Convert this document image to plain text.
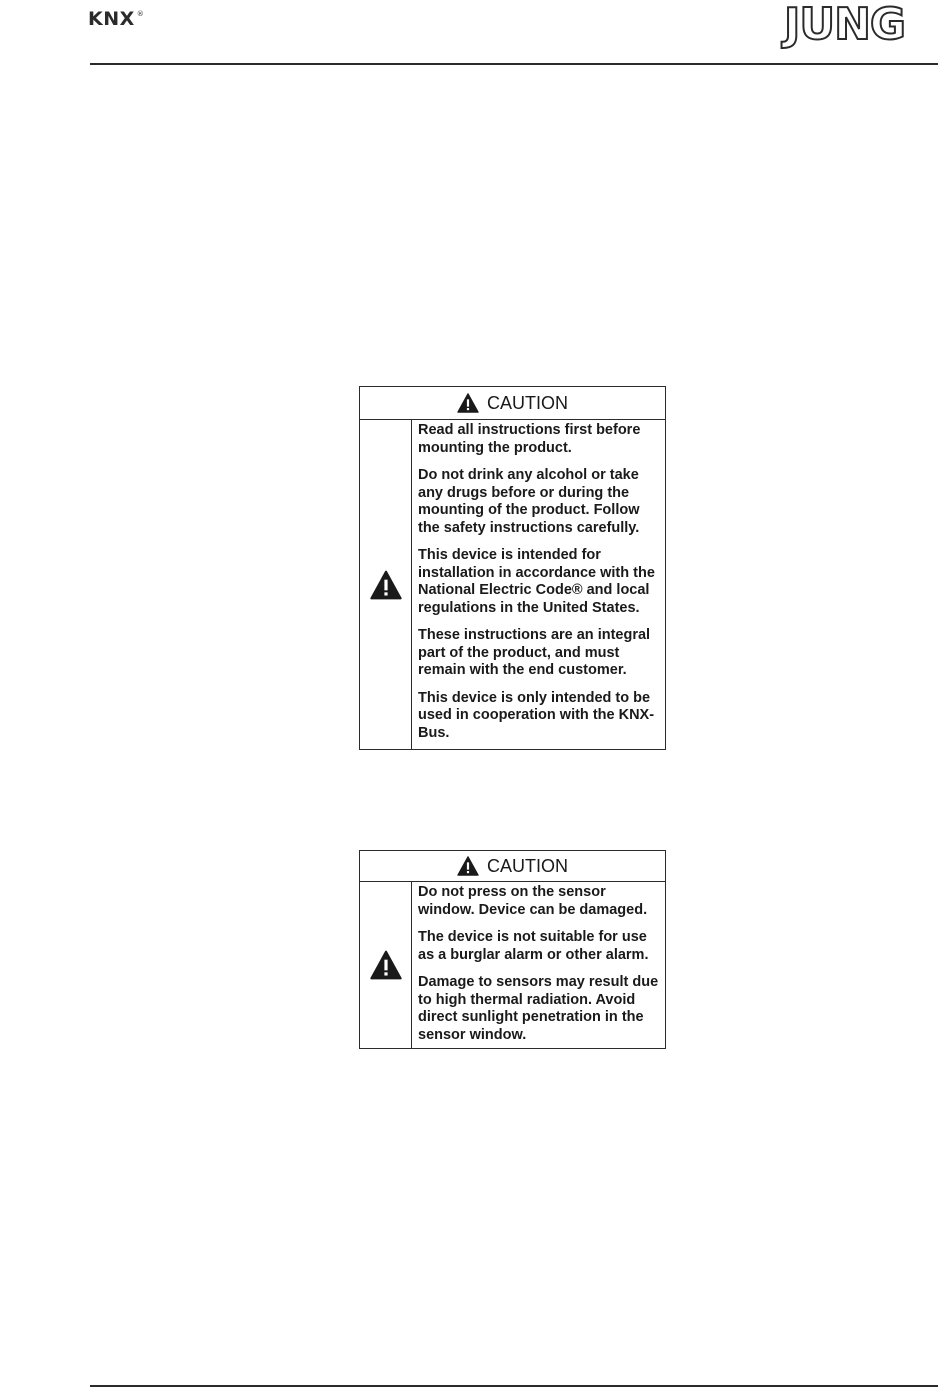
KNX ®	JUNG
CAUTION

Read all instructions first before mounting the product.

Do not drink any alcohol or take any drugs before or during the mounting of the product. Follow the safety instructions carefully.

This device is intended for installation in accordance with the National Electric Code® and local regulations in the United States.

These instructions are an integral part of the product, and must remain with the end customer.

This device is only intended to be used in cooperation with the KNX-Bus.

CAUTION

Do not press on the sensor window. Device can be damaged.

The device is not suitable for use as a burglar alarm or other alarm.

Damage to sensors may result due to high thermal radiation. Avoid direct sunlight penetration in the sensor window.
